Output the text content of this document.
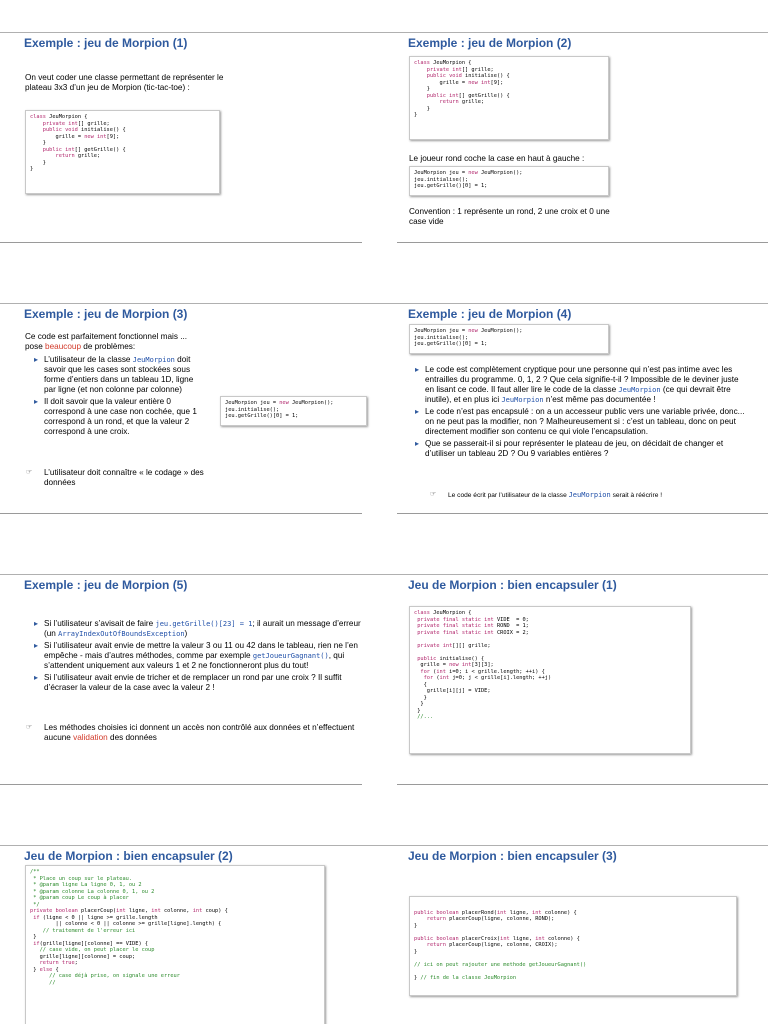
Exemple : jeu de Morpion (1)
On veut coder une classe permettant de représenter le plateau 3x3 d’un jeu de Morpion (tic-tac-toe) :
class JeuMorpion {
private int[] grille;
public void initialise() {
grille = new int[9];
}
public int[] getGrille() {
return grille;
}
}
Exemple : jeu de Morpion (2)
class JeuMorpion {
private int[] grille;
public void initialise() {
grille = new int[9];
}
public int[] getGrille() {
return grille;
}
}
Le joueur rond coche la case en haut à gauche :
JeuMorpion jeu = new JeuMorpion();
jeu.initialise();
jeu.getGrille()[0] = 1;
Convention : 1 représente un rond, 2 une croix et 0 une case vide
Exemple : jeu de Morpion (3)
Ce code est parfaitement fonctionnel mais ... pose beaucoup de problèmes:
▸ L’utilisateur de la classe JeuMorpion doit savoir que les cases sont stockées sous forme d’entiers dans un tableau 1D, ligne par ligne (et non colonne par colonne)
▸ Il doit savoir que la valeur entière 0 correspond à une case non cochée, que 1 correspond à un rond, et que la valeur 2 correspond à une croix.
☞ L’utilisateur doit connaître « le codage » des données
JeuMorpion jeu = new JeuMorpion();
jeu.initialise();
jeu.getGrille()[0] = 1;
Exemple : jeu de Morpion (4)
JeuMorpion jeu = new JeuMorpion();
jeu.initialise();
jeu.getGrille()[0] = 1;
▸ Le code est complètement cryptique pour une personne qui n’est pas intime avec les entrailles du programme. 0, 1, 2 ? Que cela signifie-t-il ? Impossible de le deviner juste en lisant ce code. Il faut aller lire le code de la classe JeuMorpion (ce qui devrait être inutile), et en plus ici JeuMorpion n’est même pas documentée !
▸ Le code n’est pas encapsulé : on a un accesseur public vers une variable privée, donc... on ne peut pas la modifier, non ? Malheureusement si : c’est un tableau, donc on peut directement modifier son contenu ce qui viole l’encapsulation.
▸ Que se passerait-il si pour représenter le plateau de jeu, on décidait de changer et d’utiliser un tableau 2D ? Ou 9 variables entières ?
☞ Le code écrit par l’utilisateur de la classe JeuMorpion serait à réécrire !
Exemple : jeu de Morpion (5)
▸ Si l’utilisateur s’avisait de faire jeu.getGrille()[23] = 1; il aurait un message d’erreur (un ArrayIndexOutOfBoundsException)
▸ Si l’utilisateur avait envie de mettre la valeur 3 ou 11 ou 42 dans le tableau, rien ne l’en empêche - mais d’autres méthodes, comme par exemple getJoueurGagnant(), qui s’attendent uniquement aux valeurs 1 et 2 ne fonctionneront plus du tout!
▸ Si l’utilisateur avait envie de tricher et de remplacer un rond par une croix ? Il suffit d’écraser la valeur de la case avec la valeur 2 !
☞ Les méthodes choisies ici donnent un accès non contrôlé aux données et n’effectuent aucune validation des données
Jeu de Morpion : bien encapsuler (1)
class JeuMorpion {
private final static int VIDE  = 0;
private final static int ROND  = 1;
private final static int CROIX = 2;

private int[][] grille;

public initialise() {
grille = new int[3][3];
for (int i=0; i < grille.length; ++i) {
for (int j=0; j < grille[i].length; ++j)
{
grille[i][j] = VIDE;
}
}
}
//...
Jeu de Morpion : bien encapsuler (2)
/**
* Place un coup sur le plateau.
* @param ligne La ligne 0, 1, ou 2
* @param colonne La colonne 0, 1, ou 2
* @param coup Le coup à placer
*/
private boolean placerCoup(int ligne, int colonne, int coup) {
if (ligne < 0 || ligne >= grille.length
|| colonne < 0 || colonne >= grille[ligne].length) {
// traitement de l'erreur ici
}
if(grille[ligne][colonne] == VIDE) {
// case vide, on peut placer le coup
grille[ligne][colonne] = coup;
return true;
} else {
// case déjà prise, on signale une erreur
//
Jeu de Morpion : bien encapsuler (3)

public boolean placerRond(int ligne, int colonne) {
return placerCoup(ligne, colonne, ROND);
}

public boolean placerCroix(int ligne, int colonne) {
return placerCoup(ligne, colonne, CROIX);
}

// ici on peut rajouter une methode getJoueurGagnant()

} // fin de la classe JeuMorpion
